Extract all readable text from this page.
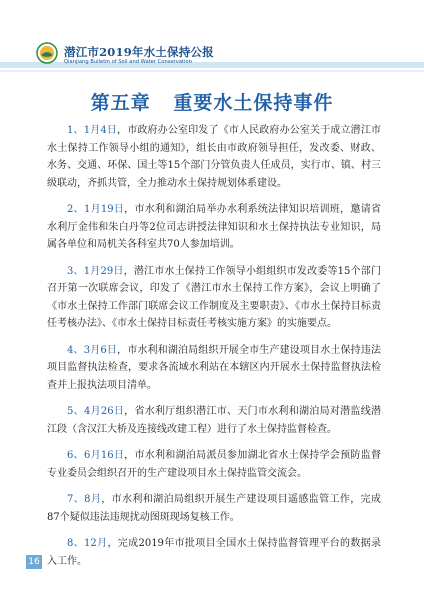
潜江市2019年水土保持公报
Qianjiang Bulletin of Soil and Water Conservation
第五章   重要水土保持事件

1、1月4日，市政府办公室印发了《市人民政府办公室关于成立潜江市水土保持工作领导小组的通知》，组长由市政府领导担任，发改委、财政、水务、交通、环保、国土等15个部门分管负责人任成员，实行市、镇、村三级联动，齐抓共管，全力推动水土保持规划体系建设。

2、1月19日，市水利和湖泊局举办水利系统法律知识培训班，邀请省水利厅金伟和朱白丹等2位司志讲授法律知识和水土保持执法专业知识，局属各单位和局机关各科室共70人参加培训。

3、1月29日，潜江市水土保持工作领导小组组织市发改委等15个部门召开第一次联席会议，印发了《潜江市水土保持工作方案》，会议上明确了《市水土保持工作部门联席会议工作制度及主要职责》、《市水土保持目标责任考核办法》、《市水土保持目标责任考核实施方案》的实施要点。

4、3月6日，市水利和湖泊局组织开展全市生产建设项目水土保持违法项目监督执法检查，要求各流域水利站在本辖区内开展水土保持监督执法检查并上报执法项目清单。

5、4月26日，省水利厅组织潜江市、天门市水利和湖泊局对潜监线潜江段（含汉江大桥及连接线改建工程）进行了水土保持监督检查。

6、6月16日，市水利和湖泊局派员参加湖北省水土保持学会预防监督专业委员会组织召开的生产建设项目水土保持监管交流会。

7、8月，市水利和湖泊局组织开展生产建设项目遥感监管工作，完成87个疑似违法违规扰动图斑现场复核工作。

8、12月，完成2019年市批项目全国水土保持监督管理平台的数据录入工作。

16
